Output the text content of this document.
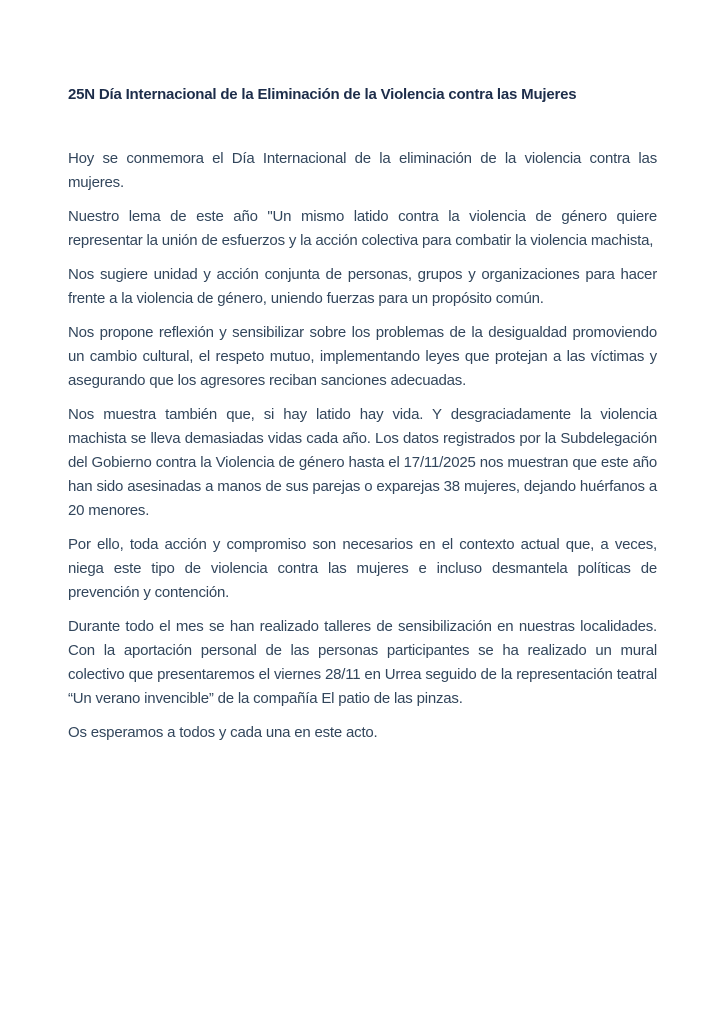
25N Día Internacional de la Eliminación de la Violencia contra las Mujeres

Hoy se conmemora el Día Internacional de la eliminación de la violencia contra las mujeres.

Nuestro lema de este año "Un mismo latido contra la violencia de género quiere representar la unión de esfuerzos y la acción colectiva para combatir la violencia machista,

Nos sugiere unidad y acción conjunta de personas, grupos y organizaciones para hacer frente a la violencia de género, uniendo fuerzas para un propósito común.

Nos propone reflexión y sensibilizar sobre los problemas de la desigualdad promoviendo un cambio cultural, el respeto mutuo, implementando leyes que protejan a las víctimas y asegurando que los agresores reciban sanciones adecuadas.

Nos muestra también que, si hay latido hay vida. Y desgraciadamente la violencia machista se lleva demasiadas vidas cada año. Los datos registrados por la Subdelegación del Gobierno contra la Violencia de género hasta el 17/11/2025 nos muestran que este año han sido asesinadas a manos de sus parejas o exparejas 38 mujeres, dejando huérfanos a 20 menores.

Por ello, toda acción y compromiso son necesarios en el contexto actual que, a veces, niega este tipo de violencia contra las mujeres e incluso desmantela políticas de prevención y contención.

Durante todo el mes se han realizado talleres de sensibilización en nuestras localidades. Con la aportación personal de las personas participantes se ha realizado un mural colectivo que presentaremos el viernes 28/11 en Urrea seguido de la representación teatral “Un verano invencible” de la compañía El patio de las pinzas.

Os esperamos a todos y cada una en este acto.
